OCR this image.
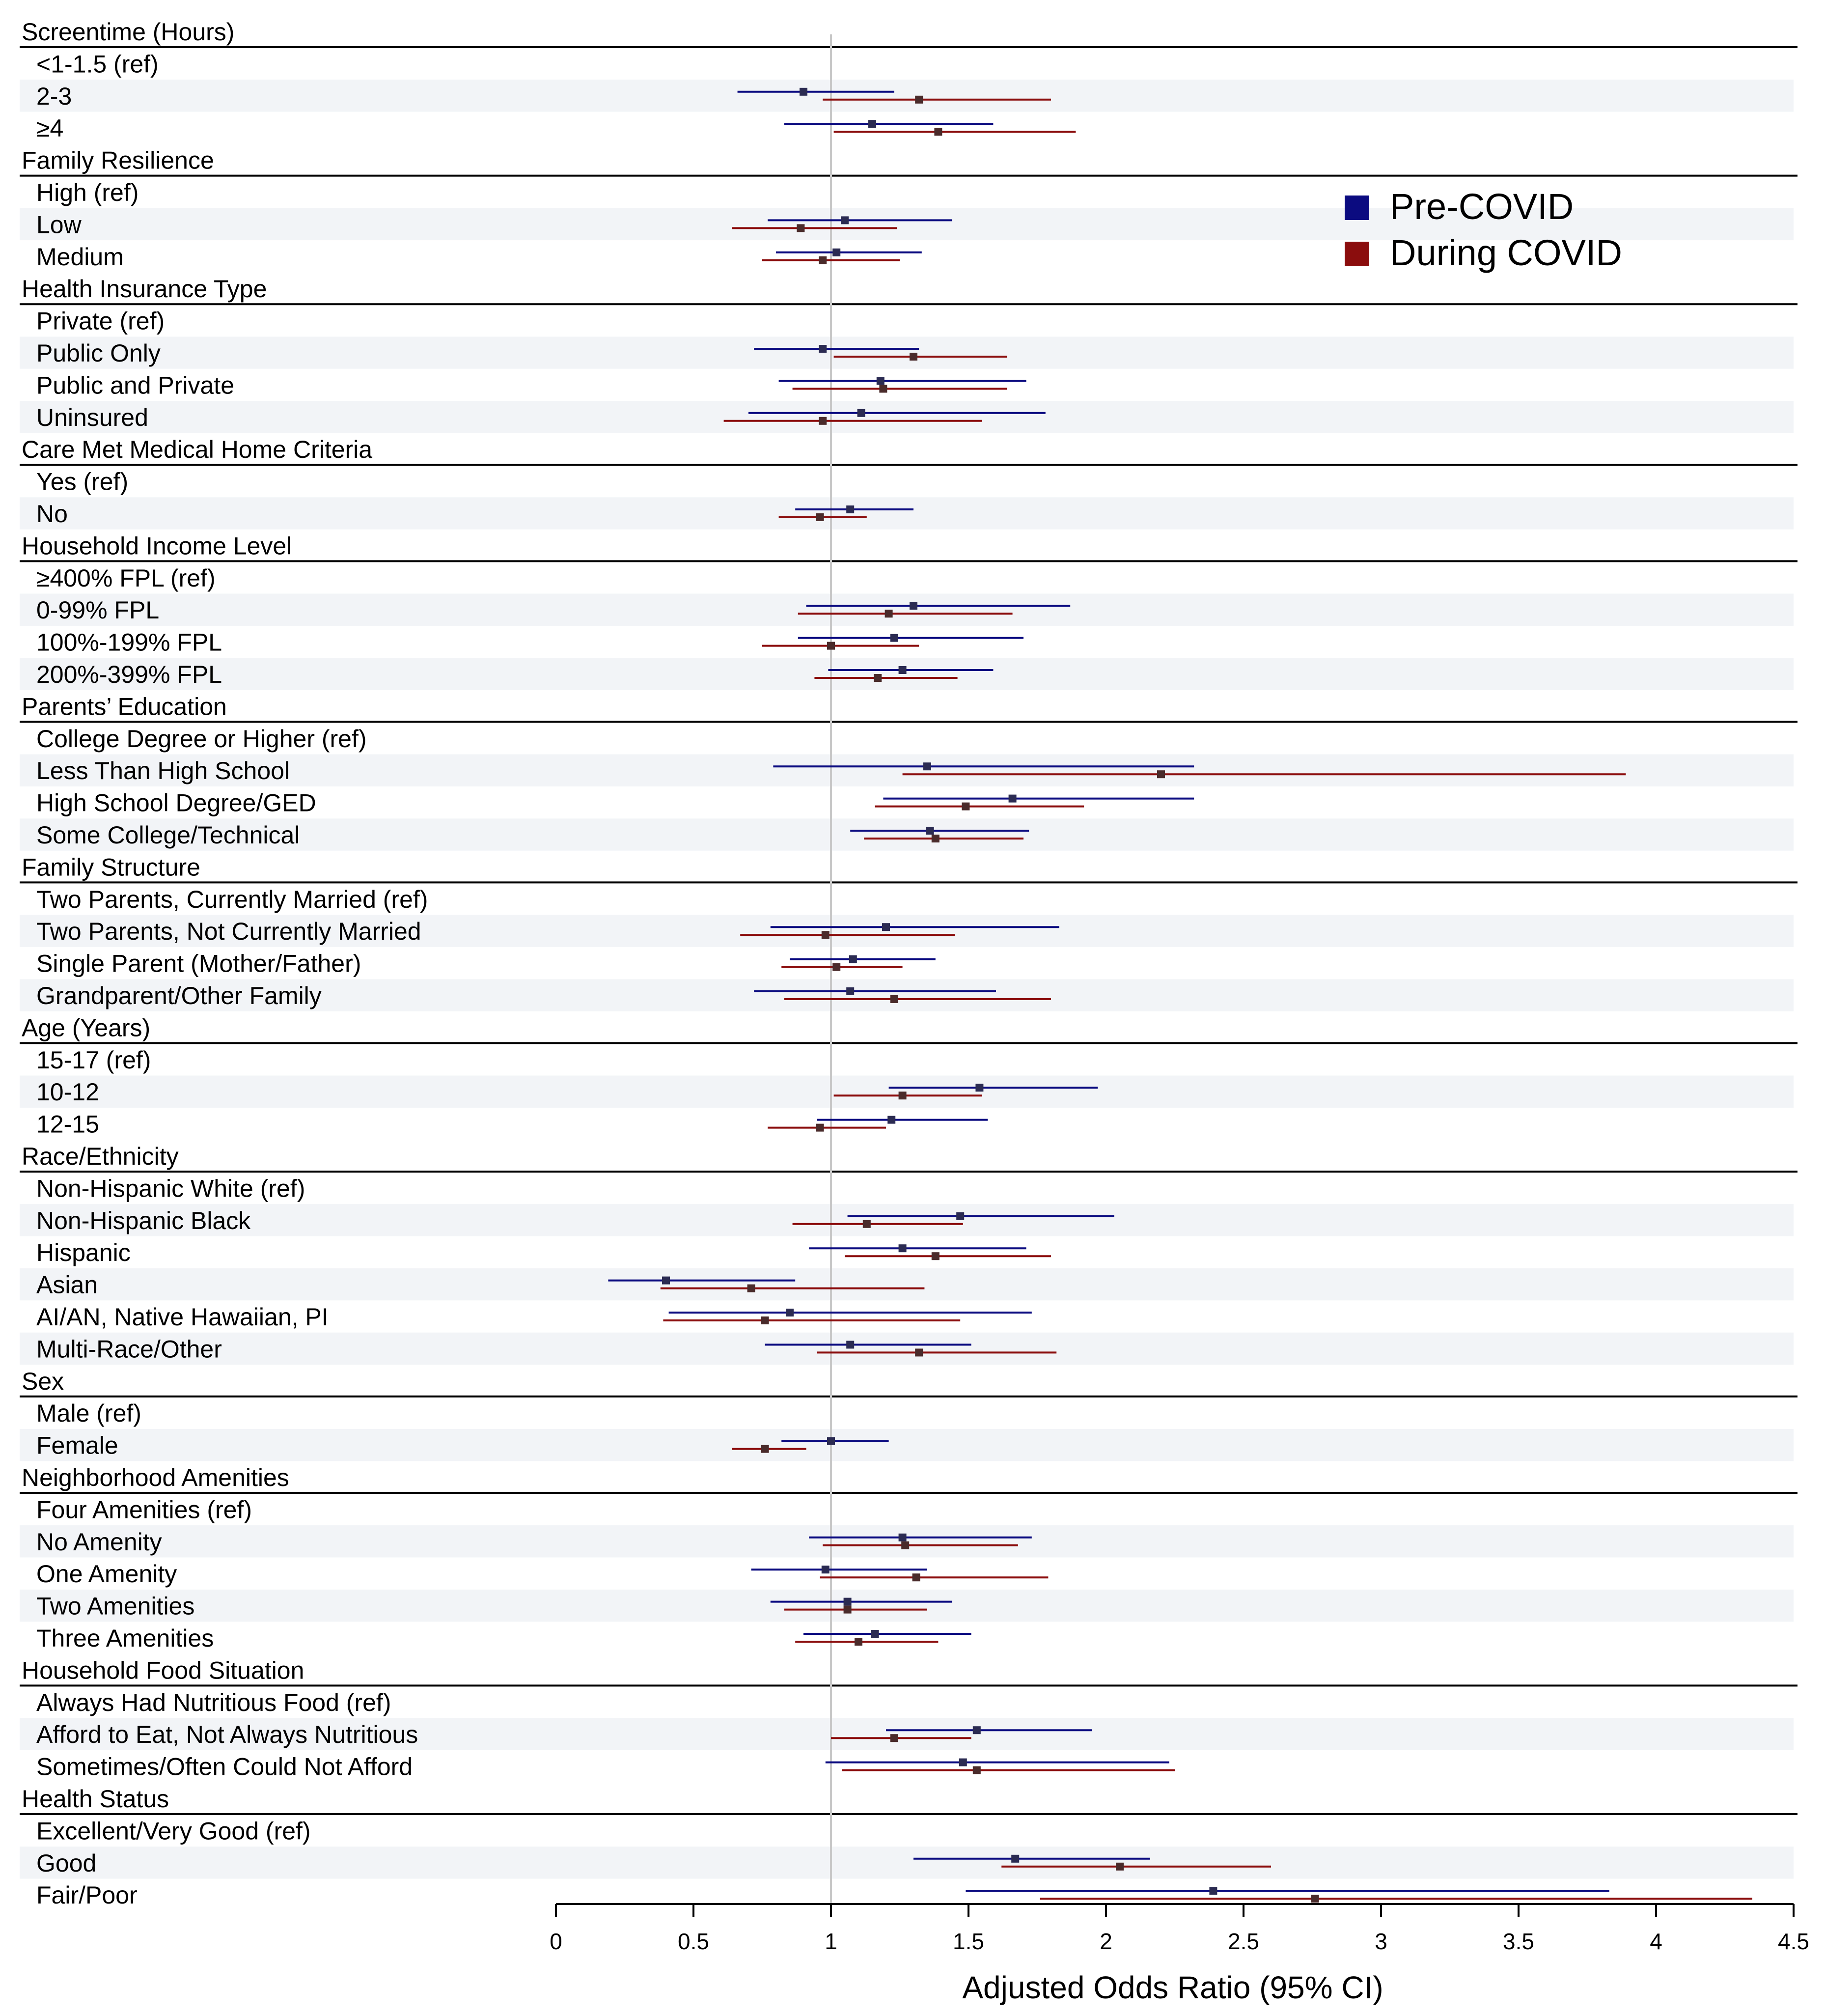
Screentime (Hours)
<1-1.5 (ref)
2-3
≥4
Family Resilience
High (ref)
Low
Medium
Health Insurance Type
Private (ref)
Public Only
Public and Private
Uninsured
Care Met Medical Home Criteria
Yes (ref)
No
Household Income Level
≥400% FPL (ref)
0-99% FPL
100%-199% FPL
200%-399% FPL
Parents’ Education
College Degree or Higher (ref)
Less Than High School
High School Degree/GED
Some College/Technical
Family Structure
Two Parents, Currently Married (ref)
Two Parents, Not Currently Married
Single Parent (Mother/Father)
Grandparent/Other Family
Age (Years)
15-17 (ref)
10-12
12-15
Race/Ethnicity
Non-Hispanic White (ref)
Non-Hispanic Black
Hispanic
Asian
AI/AN, Native Hawaiian, PI
Multi-Race/Other
Sex
Male (ref)
Female
Neighborhood Amenities
Four Amenities (ref)
No Amenity
One Amenity
Two Amenities
Three Amenities
Household Food Situation
Always Had Nutritious Food (ref)
Afford to Eat, Not Always Nutritious
Sometimes/Often Could Not Afford
Health Status
Excellent/Very Good (ref)
Good
Fair/Poor
0	0.5	1	1.5	2	2.5	3	3.5	4	4.5
Adjusted Odds Ratio (95% CI)
Pre-COVID
During COVID
